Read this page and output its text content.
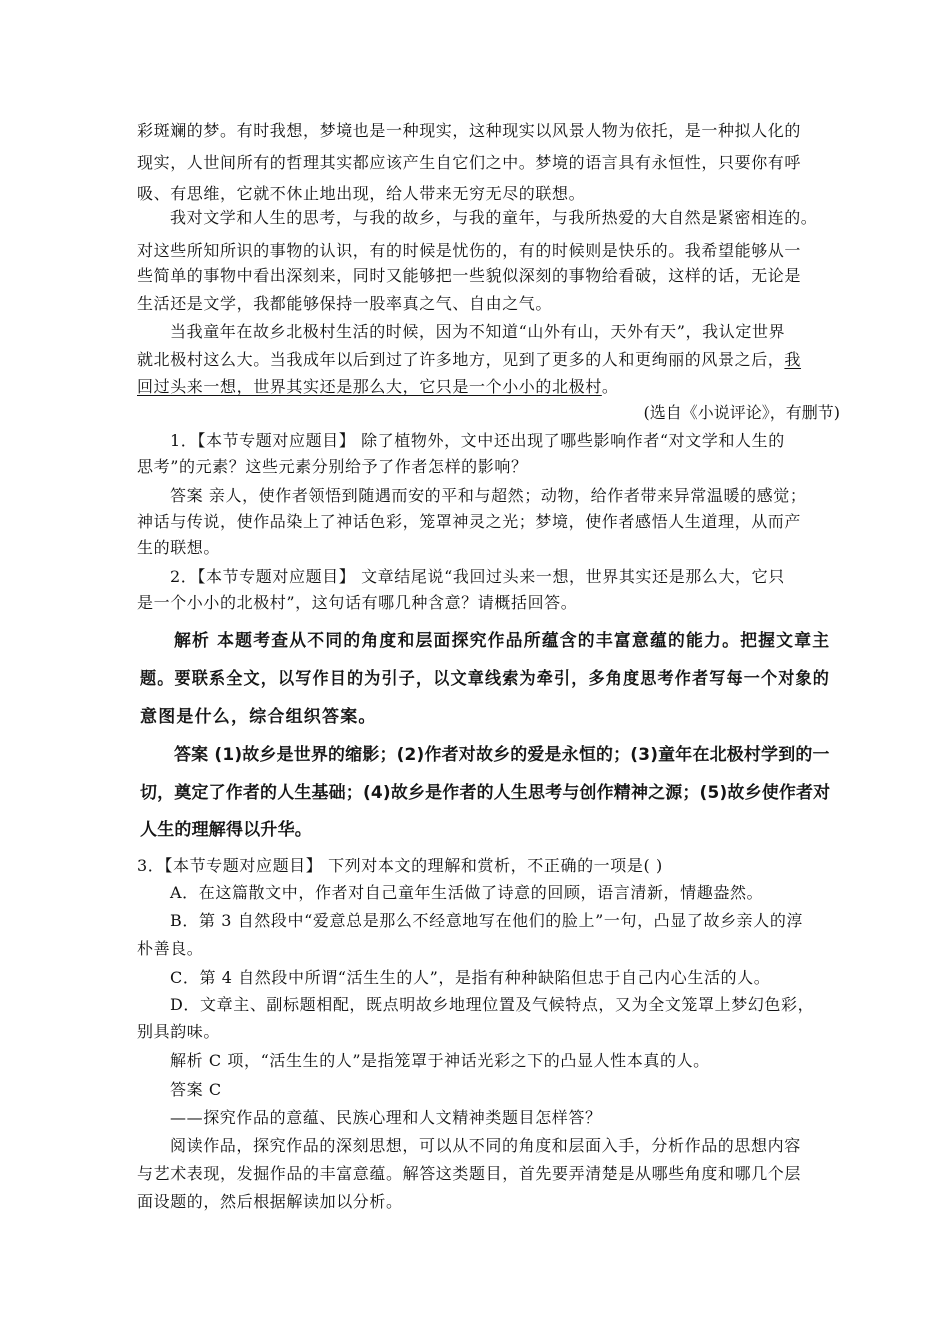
彩斑斓的梦。有时我想，梦境也是一种现实，这种现实以风景人物为依托，是一种拟人化的
现实，人世间所有的哲理其实都应该产生自它们之中。梦境的语言具有永恒性，只要你有呼
吸、有思维，它就不休止地出现，给人带来无穷无尽的联想。
我对文学和人生的思考，与我的故乡，与我的童年，与我所热爱的大自然是紧密相连的。
对这些所知所识的事物的认识，有的时候是忧伤的，有的时候则是快乐的。我希望能够从一
些简单的事物中看出深刻来，同时又能够把一些貌似深刻的事物给看破，这样的话，无论是
生活还是文学，我都能够保持一股率真之气、自由之气。
当我童年在故乡北极村生活的时候，因为不知道“山外有山，天外有天”，我认定世界
就北极村这么大。当我成年以后到过了许多地方，见到了更多的人和更绚丽的风景之后，我
回过头来一想，世界其实还是那么大，它只是一个小小的北极村。
(选自《小说评论》，有删节)
1．【本节专题对应题目】 除了植物外，文中还出现了哪些影响作者“对文学和人生的
思考”的元素？这些元素分别给予了作者怎样的影响？
答案 亲人，使作者领悟到随遇而安的平和与超然；动物，给作者带来异常温暖的感觉；
神话与传说，使作品染上了神话色彩，笼罩神灵之光；梦境，使作者感悟人生道理，从而产
生的联想。
2．【本节专题对应题目】 文章结尾说“我回过头来一想，世界其实还是那么大，它只
是一个小小的北极村”，这句话有哪几种含意？请概括回答。
解析 本题考查从不同的角度和层面探究作品所蕴含的丰富意蕴的能力。把握文章主
题。要联系全文，以写作目的为引子，以文章线索为牵引，多角度思考作者写每一个对象的
意图是什么，综合组织答案。
答案 (1)故乡是世界的缩影；(2)作者对故乡的爱是永恒的；(3)童年在北极村学到的一
切，奠定了作者的人生基础；(4)故乡是作者的人生思考与创作精神之源；(5)故乡使作者对
人生的理解得以升华。
3．【本节专题对应题目】 下列对本文的理解和赏析，不正确的一项是( )
A．在这篇散文中，作者对自己童年生活做了诗意的回顾，语言清新，情趣盎然。
B．第 3 自然段中“爱意总是那么不经意地写在他们的脸上”一句，凸显了故乡亲人的淳
朴善良。
C．第 4 自然段中所谓“活生生的人”，是指有种种缺陷但忠于自己内心生活的人。
D．文章主、副标题相配，既点明故乡地理位置及气候特点，又为全文笼罩上梦幻色彩，
别具韵味。
解析 C 项，“活生生的人”是指笼罩于神话光彩之下的凸显人性本真的人。
答案 C
——探究作品的意蕴、民族心理和人文精神类题目怎样答？
阅读作品，探究作品的深刻思想，可以从不同的角度和层面入手，分析作品的思想内容
与艺术表现，发掘作品的丰富意蕴。解答这类题目，首先要弄清楚是从哪些角度和哪几个层
面设题的，然后根据解读加以分析。
